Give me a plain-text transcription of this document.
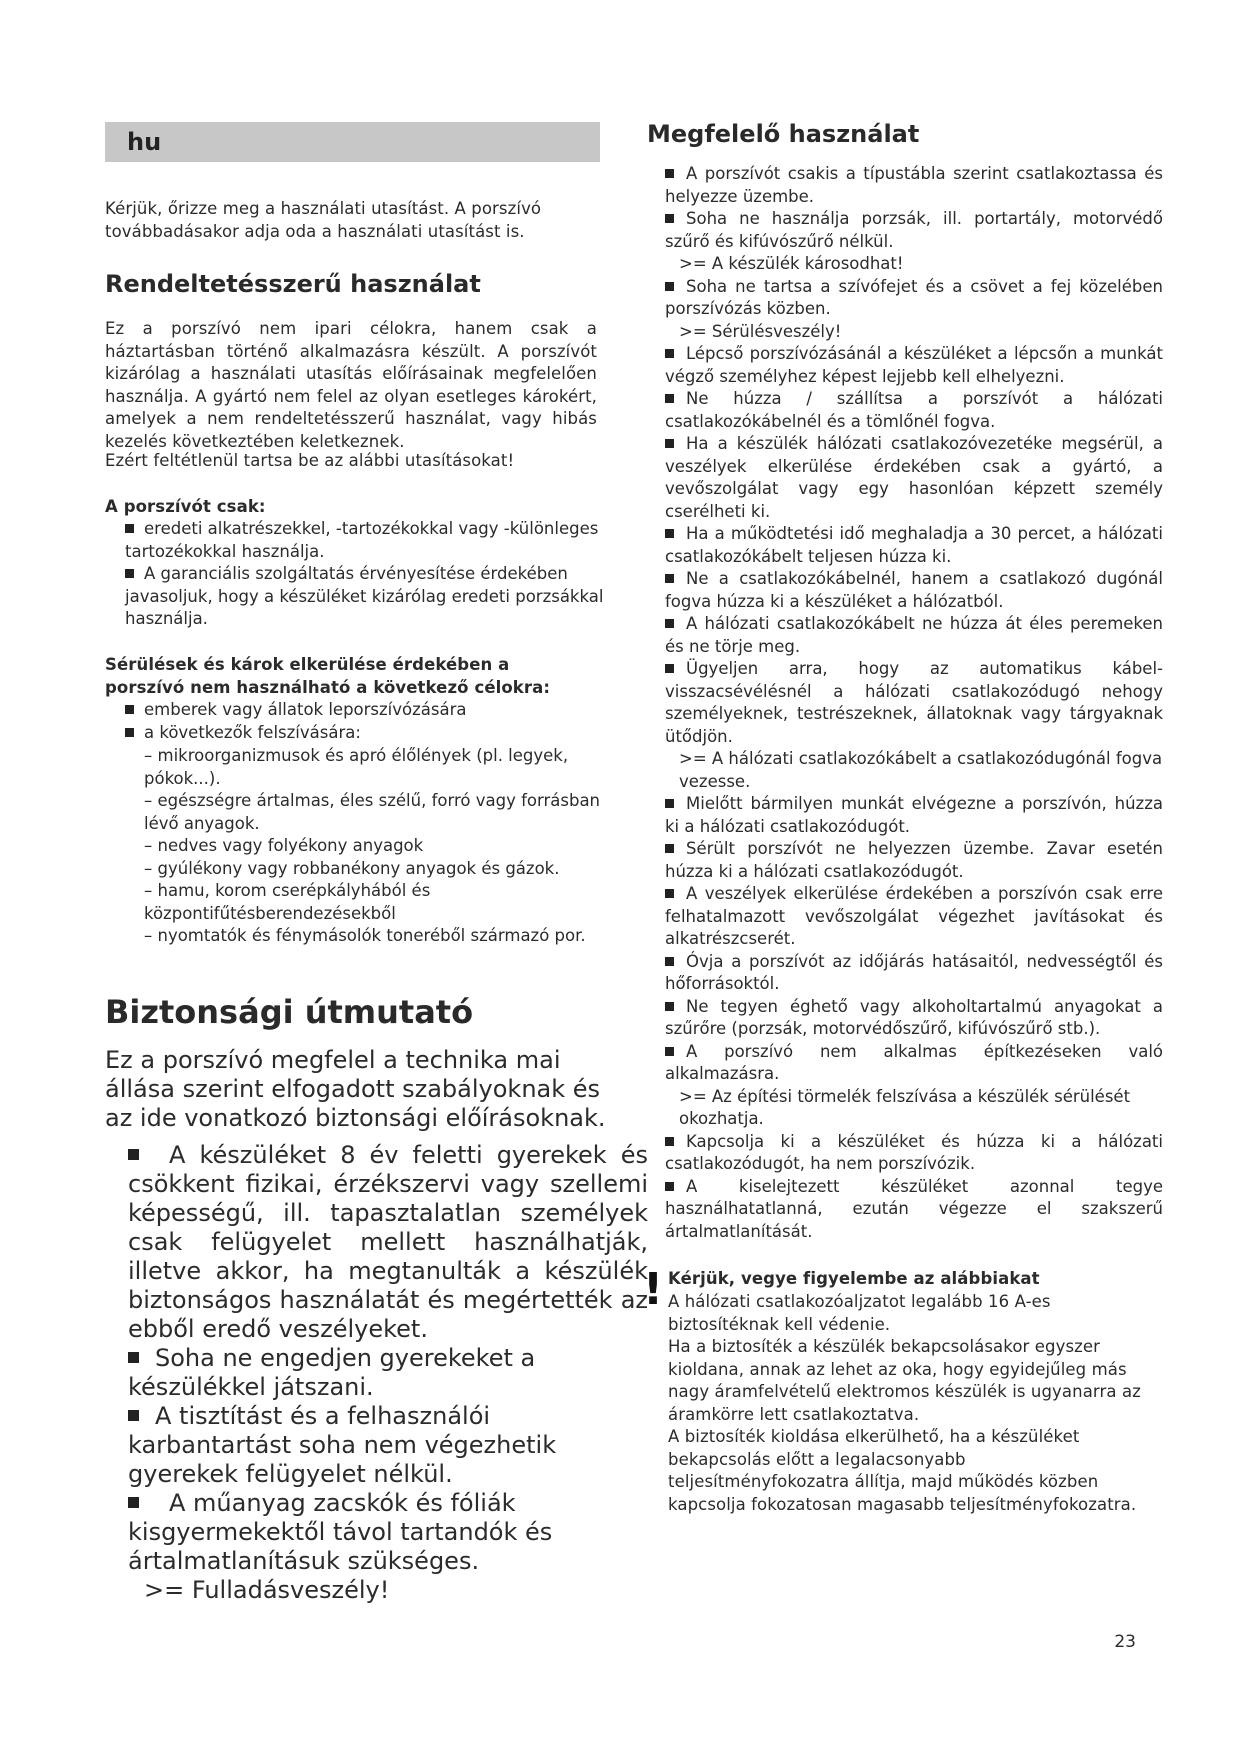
hu
Kérjük, őrizze meg a használati utasítást. A porszívó továbbadásakor adja oda a használati utasítást is.
Rendeltetésszerű használat
Ez a porszívó nem ipari célokra, hanem csak a háztartásban történő alkalmazásra készült. A porszívót kizárólag a használati utasítás előírásainak megfelelően használja. A gyártó nem felel az olyan esetleges károkért, amelyek a nem rendeltetésszerű használat, vagy hibás kezelés következtében keletkeznek.
Ezért feltétlenül tartsa be az alábbi utasításokat!
A porszívót csak:
eredeti alkatrészekkel, -tartozékokkal vagy -különleges tartozékokkal használja.
A garanciális szolgáltatás érvényesítése érdekében javasoljuk, hogy a készüléket kizárólag eredeti porzsákkal használja.
Sérülések és károk elkerülése érdekében a porszívó nem használható a következő célokra:
emberek vagy állatok leporszívózására
a következők felszívására:
– mikroorganizmusok és apró élőlények (pl. legyek, pókok...).
– egészségre ártalmas, éles szélű, forró vagy forrásban lévő anyagok.
– nedves vagy folyékony anyagok
– gyúlékony vagy robbanékony anyagok és gázok.
– hamu, korom cserépkályhából és központifűtésberendezésekből
– nyomtatók és fénymásolók toneréből származó por.
Biztonsági útmutató
Ez a porszívó megfelel a technika mai állása szerint elfogadott szabályoknak és az ide vonatkozó biztonsági előírásoknak.
A készüléket 8 év feletti gyerekek és csökkent fizikai, érzékszervi vagy szellemi képességű, ill. tapasztalatlan személyek csak felügyelet mellett használhatják, illetve akkor, ha megtanulták a készülék biztonságos használatát és megértették az ebből eredő veszélyeket.
Soha ne engedjen gyerekeket a készülékkel játszani.
A tisztítást és a felhasználói karbantartást soha nem végezhetik gyerekek felügyelet nélkül.
A műanyag zacskók és fóliák kisgyermekektől távol tartandók és ártalmatlanításuk szükséges.
>= Fulladásveszély!
Megfelelő használat
A porszívót csakis a típustábla szerint csatlakoztassa és helyezze üzembe.
Soha ne használja porzsák, ill. portartály, motorvédő szűrő és kifúvószűrő nélkül.
>= A készülék károsodhat!
Soha ne tartsa a szívófejet és a csövet a fej közelében porszívózás közben.
>= Sérülésveszély!
Lépcső porszívózásánál a készüléket a lépcsőn a munkát végző személyhez képest lejjebb kell elhelyezni.
Ne húzza / szállítsa a porszívót a hálózati csatlakozókábelnél és a tömlőnél fogva.
Ha a készülék hálózati csatlakozóvezetéke megsérül, a veszélyek elkerülése érdekében csak a gyártó, a vevőszolgálat vagy egy hasonlóan képzett személy cserélheti ki.
Ha a működtetési idő meghaladja a 30 percet, a hálózati csatlakozókábelt teljesen húzza ki.
Ne a csatlakozókábelnél, hanem a csatlakozó dugónál fogva húzza ki a készüléket a hálózatból.
A hálózati csatlakozókábelt ne húzza át éles peremeken és ne törje meg.
Ügyeljen arra, hogy az automatikus kábel-visszacsévélésnél a hálózati csatlakozódugó nehogy személyeknek, testrészeknek, állatoknak vagy tárgyaknak ütődjön.
>= A hálózati csatlakozókábelt a csatlakozódugónál fogva vezesse.
Mielőtt bármilyen munkát elvégezne a porszívón, húzza ki a hálózati csatlakozódugót.
Sérült porszívót ne helyezzen üzembe. Zavar esetén húzza ki a hálózati csatlakozódugót.
A veszélyek elkerülése érdekében a porszívón csak erre felhatalmazott vevőszolgálat végezhet javításokat és alkatrészcserét.
Óvja a porszívót az időjárás hatásaitól, nedvességtől és hőforrásoktól.
Ne tegyen éghető vagy alkoholtartalmú anyagokat a szűrőre (porzsák, motorvédőszűrő, kifúvószűrő stb.).
A porszívó nem alkalmas építkezéseken való alkalmazásra.
>= Az építési törmelék felszívása a készülék sérülését okozhatja.
Kapcsolja ki a készüléket és húzza ki a hálózati csatlakozódugót, ha nem porszívózik.
A kiselejtezett készüléket azonnal tegye használhatatlanná, ezután végezze el szakszerű ártalmatlanítását.
! Kérjük, vegye figyelembe az alábbiakat
A hálózati csatlakozóaljzatot legalább 16 A-es biztosítéknak kell védenie.
Ha a biztosíték a készülék bekapcsolásakor egyszer kioldana, annak az lehet az oka, hogy egyidejűleg más nagy áramfelvételű elektromos készülék is ugyanarra az áramkörre lett csatlakoztatva.
A biztosíték kioldása elkerülhető, ha a készüléket bekapcsolás előtt a legalacsonyabb teljesítményfokozatra állítja, majd működés közben kapcsolja fokozatosan magasabb teljesítményfokozatra.
23
